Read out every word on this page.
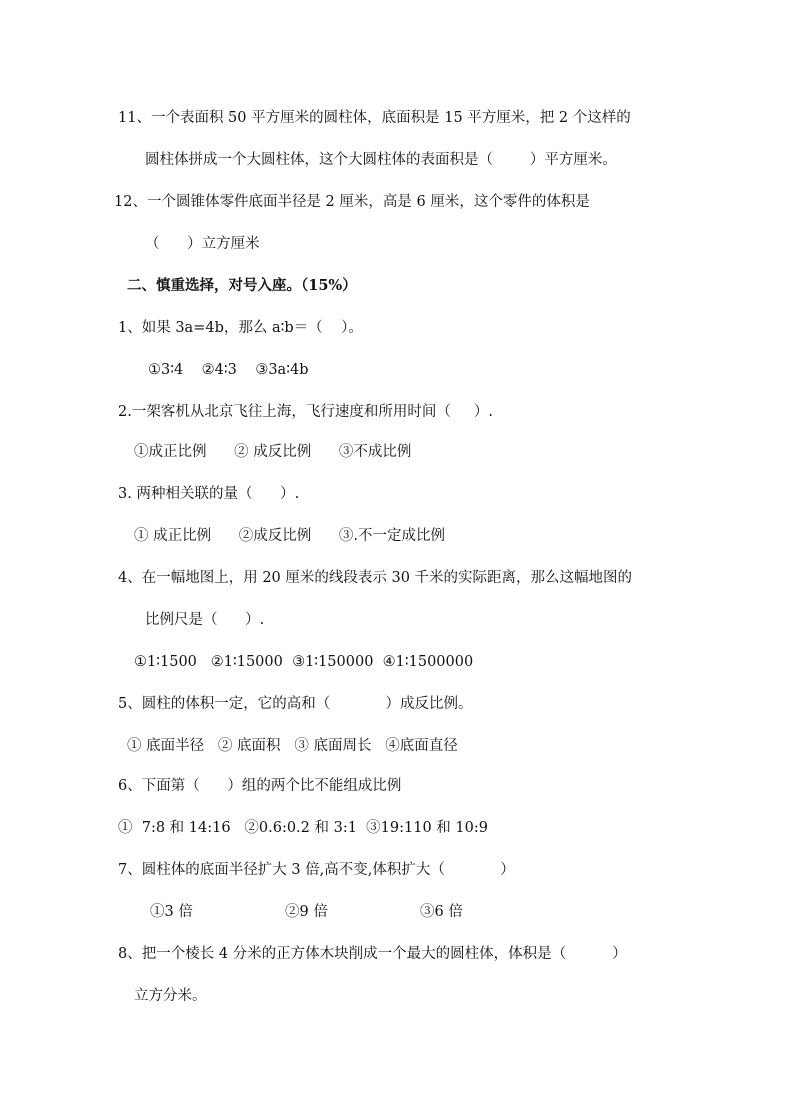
11、一个表面积 50 平方厘米的圆柱体，底面积是 15 平方厘米，把 2 个这样的
圆柱体拼成一个大圆柱体，这个大圆柱体的表面积是（        ）平方厘米。
12、一个圆锥体零件底面半径是 2 厘米，高是 6 厘米，这个零件的体积是
（      ）立方厘米
二、慎重选择，对号入座。（15%）
1、如果 3a=4b，那么 a∶b＝（    ）。
①3∶4    ②4∶3    ③3a∶4b
2.一架客机从北京飞往上海，飞行速度和所用时间（     ）.
①成正比例      ② 成反比例      ③不成比例
3. 两种相关联的量（      ）.
① 成正比例      ②成反比例      ③.不一定成比例
4、在一幅地图上，用 20 厘米的线段表示 30 千米的实际距离，那么这幅地图的
比例尺是（      ）.
①1∶1500   ②1∶15000  ③1∶150000  ④1∶1500000
5、圆柱的体积一定，它的高和（            ）成反比例。
① 底面半径   ② 底面积   ③ 底面周长   ④底面直径
6、下面第（      ）组的两个比不能组成比例
①  7:8 和 14:16   ②0.6:0.2 和 3:1  ③19:110 和 10:9
7、圆柱体的底面半径扩大 3 倍,高不变,体积扩大（            ）
①3 倍                    ②9 倍                    ③6 倍
8、把一个棱长 4 分米的正方体木块削成一个最大的圆柱体，体积是（          ）
立方分米。
